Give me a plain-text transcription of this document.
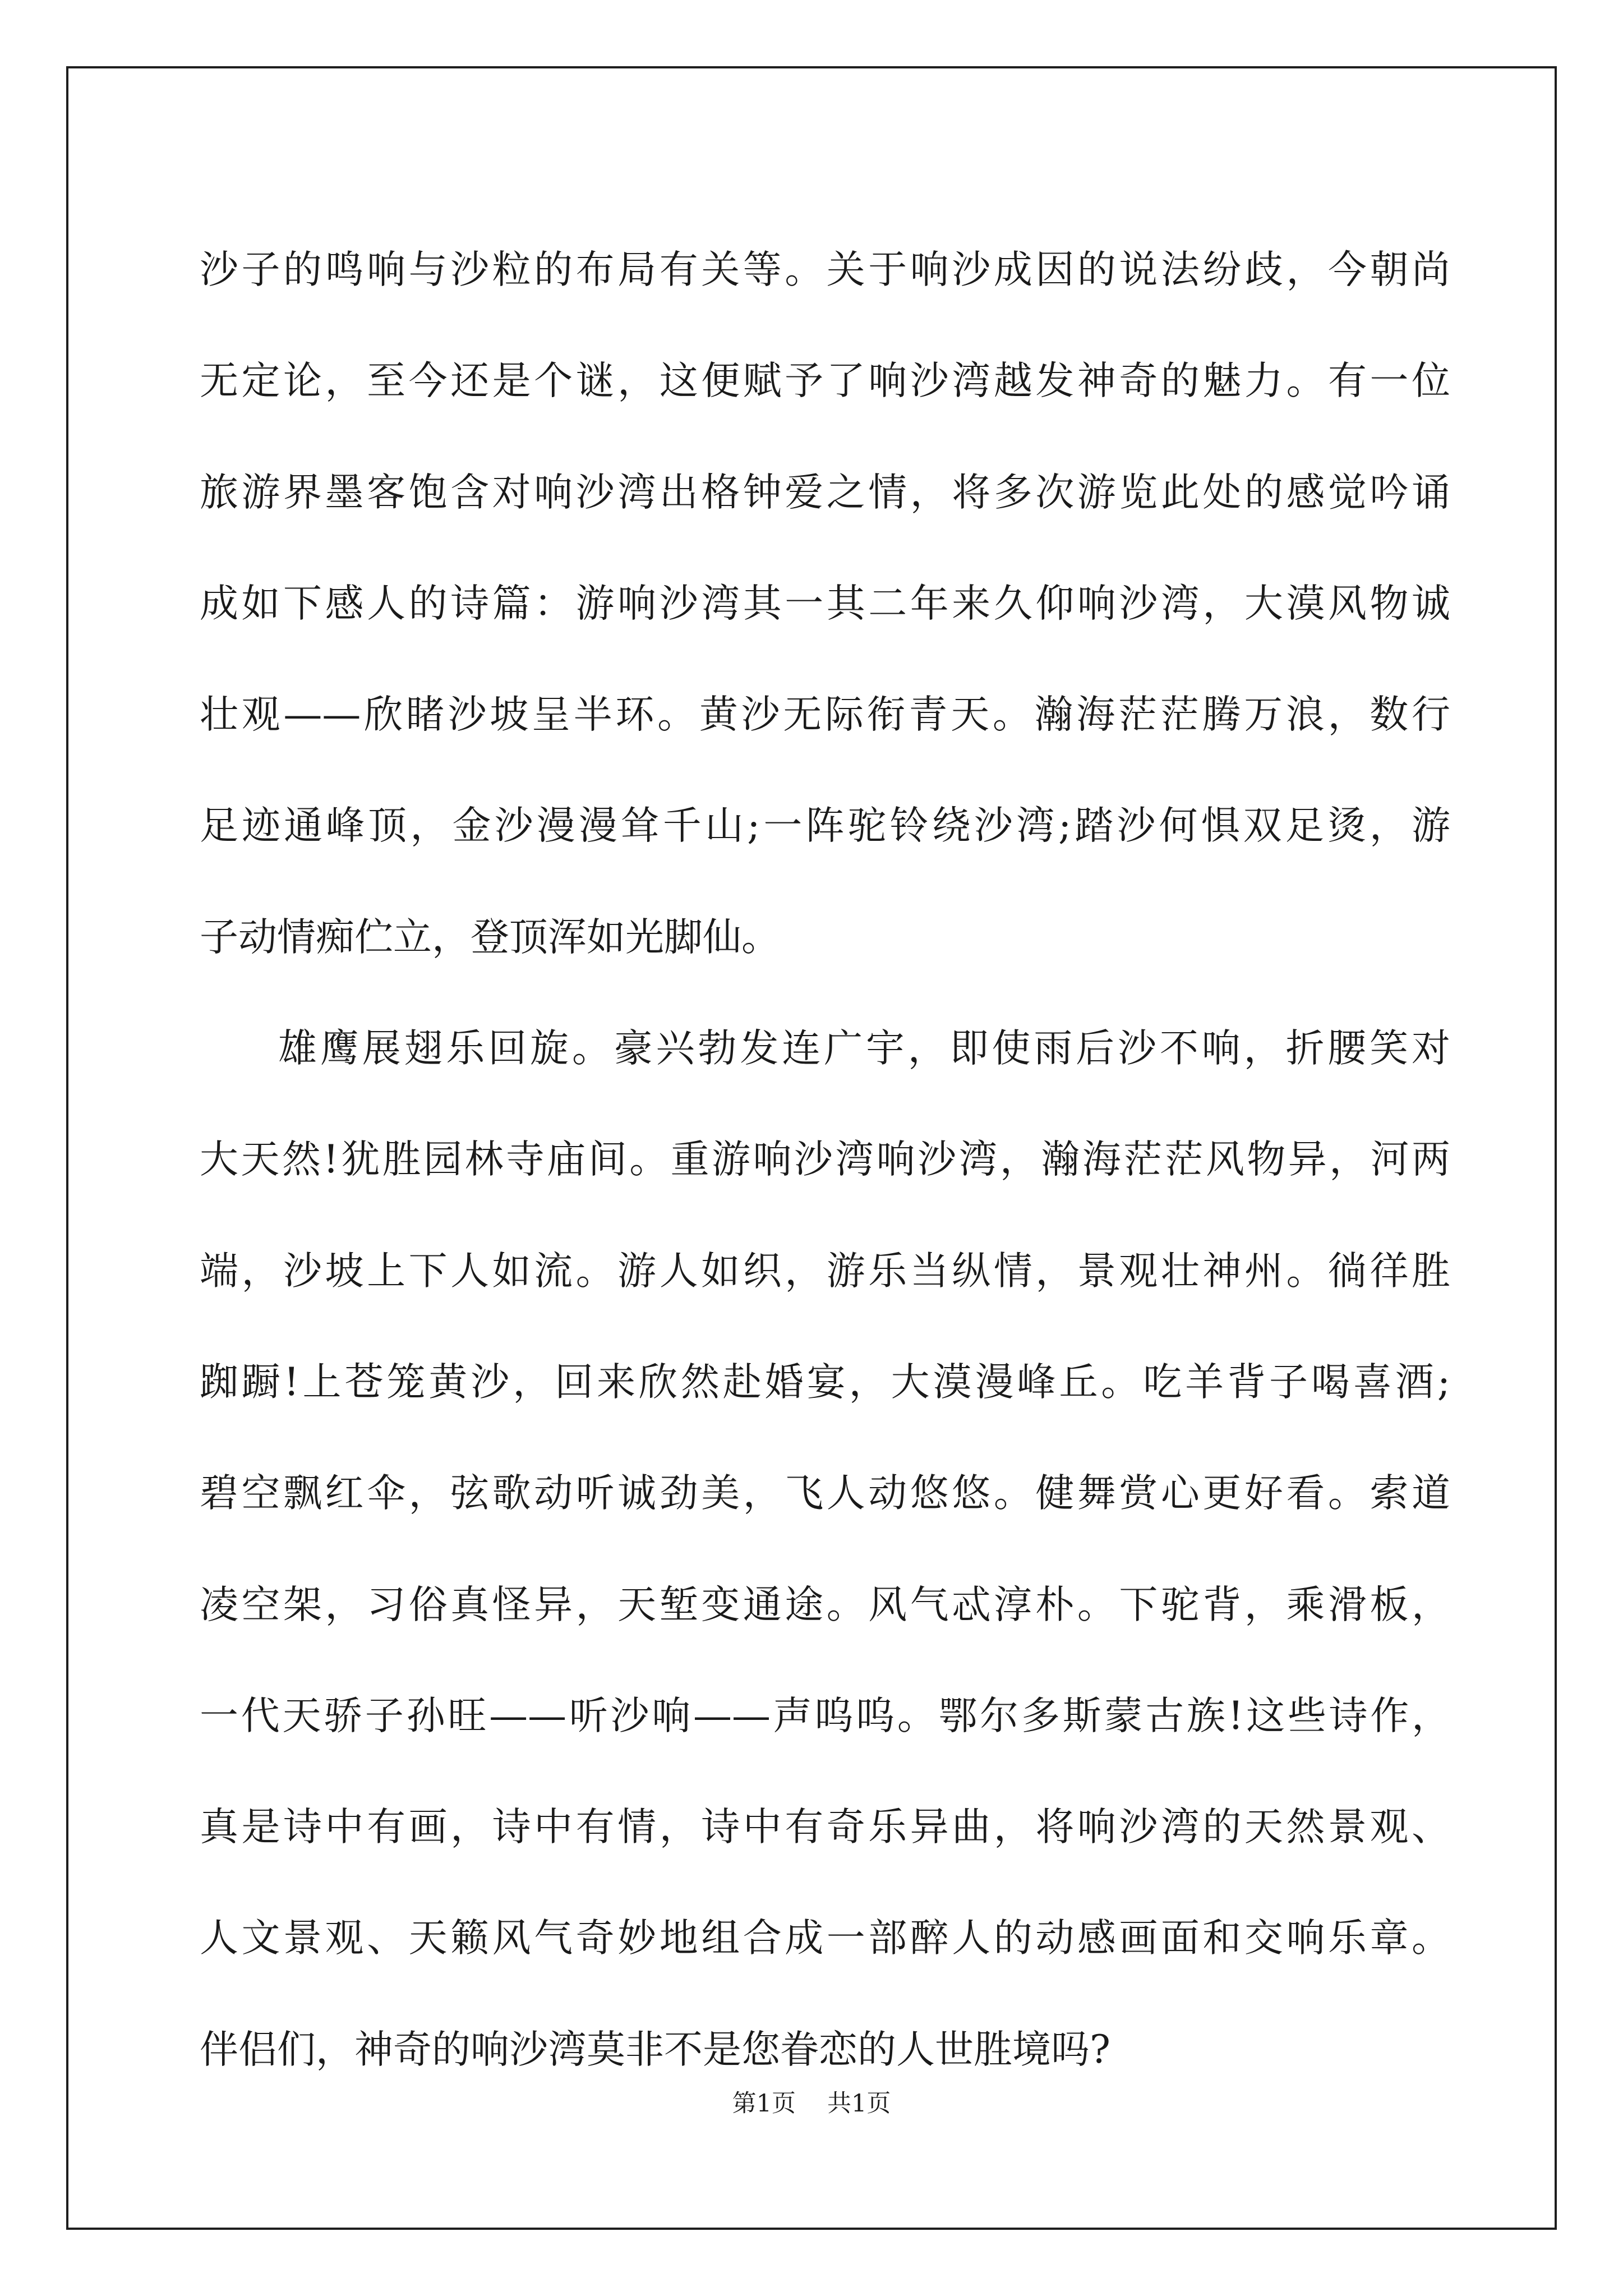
沙子的鸣响与沙粒的布局有关等。关于响沙成因的说法纷歧，今朝尚
无定论，至今还是个谜，这便赋予了响沙湾越发神奇的魅力。有一位
旅游界墨客饱含对响沙湾出格钟爱之情，将多次游览此处的感觉吟诵
成如下感人的诗篇：游响沙湾其一其二年来久仰响沙湾，大漠风物诚
壮观——欣睹沙坡呈半环。黄沙无际衔青天。瀚海茫茫腾万浪，数行
足迹通峰顶，金沙漫漫耸千山;一阵驼铃绕沙湾;踏沙何惧双足烫，游
子动情痴伫立，登顶浑如光脚仙。
雄鹰展翅乐回旋。豪兴勃发连广宇，即使雨后沙不响，折腰笑对
大天然!犹胜园林寺庙间。重游响沙湾响沙湾，瀚海茫茫风物异，河两
端，沙坡上下人如流。游人如织，游乐当纵情，景观壮神州。徜徉胜
踟蹰!上苍笼黄沙，回来欣然赴婚宴，大漠漫峰丘。吃羊背子喝喜酒;
碧空飘红伞，弦歌动听诚劲美，飞人动悠悠。健舞赏心更好看。索道
凌空架，习俗真怪异，天堑变通途。风气忒淳朴。下驼背，乘滑板，
一代天骄子孙旺——听沙响——声呜呜。鄂尔多斯蒙古族!这些诗作，
真是诗中有画，诗中有情，诗中有奇乐异曲，将响沙湾的天然景观、
人文景观、天籁风气奇妙地组合成一部醉人的动感画面和交响乐章。
伴侣们，神奇的响沙湾莫非不是您眷恋的人世胜境吗?
第1页 共1页
